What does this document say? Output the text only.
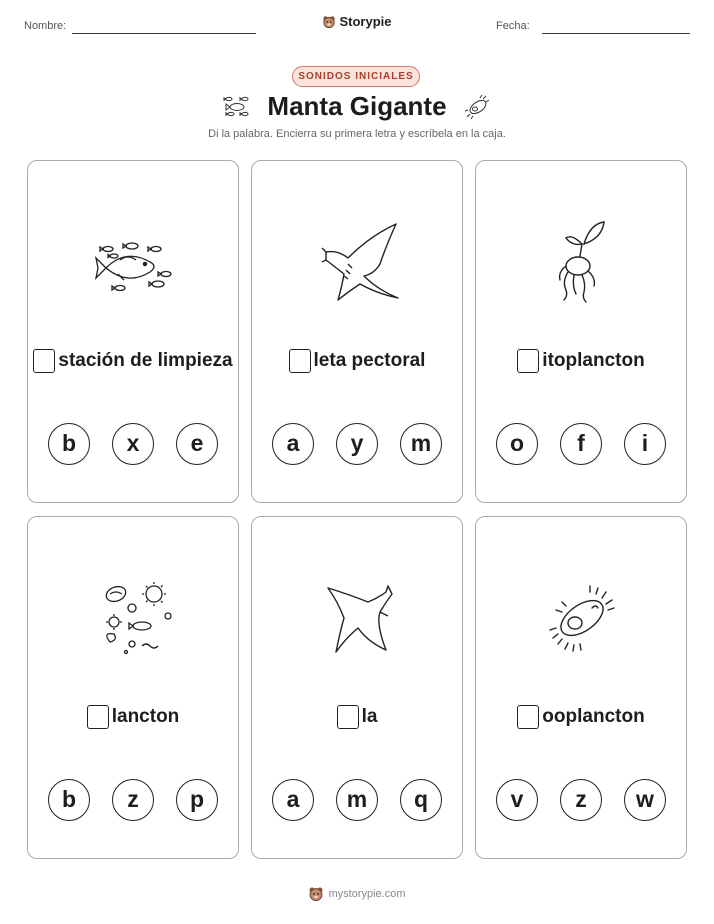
Nombre:	Storypie	Fecha:
SONIDOS INICIALES
Manta Gigante
Di la palabra. Encierra su primera letra y escríbela en la caja.
stación de limpieza
b	x	e
leta pectoral
a	y	m
itoplancton
o	f	i
lancton
b	z	p
la
a	m	q
ooplancton
v	z	w
mystorypie.com
